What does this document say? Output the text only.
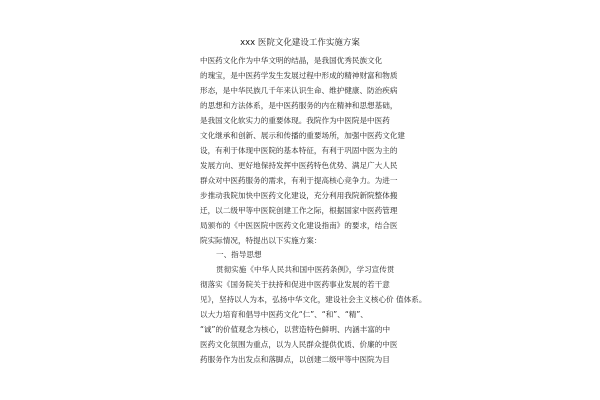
xxx 医院文化建设工作实施方案
中医药文化作为中华文明的结晶，是我国优秀民族文化
的瑰宝，是中医药学发生发展过程中形成的精神财富和物质
形态，是中华民族几千年来认识生命、维护健康、防治疾病
的思想和方法体系，是中医药服务的内在精神和思想基础，
是我国文化软实力的重要体现。我院作为中医院是中医药
文化继承和创新、展示和传播的重要场所，加强中医药文化建
设，有利于体现中医院的基本特征，有利于巩固中医为主的
发展方向、更好地保持发挥中医药特色优势、满足广大人民
群众对中医药服务的需求，有利于提高核心竞争力。为进一
步推动我院加快中医药文化建设，充分利用我院新院整体搬
迁，以二级甲等中医院创建工作之际，根据国家中医药管理
局颁布的《中医医院中医药文化建设指南》的要求，结合医
院实际情况，特提出以下实施方案：
一、指导思想
贯彻实施《中华人民共和国中医药条例》，学习宣传贯
彻落实《国务院关于扶持和促进中医药事业发展的若干意
见》，坚持以人为本，弘扬中华文化，建设社会主义核心价 值体系。
以大力培育和倡导中医药文化“仁”、“和”、“精”、
“诚”的价值观念为核心，以营造特色鲜明、内涵丰富的中
医药文化氛围为重点，以为人民群众提供优质、价廉的中医
药服务作为出发点和落脚点，以创建二级甲等中医院为目
